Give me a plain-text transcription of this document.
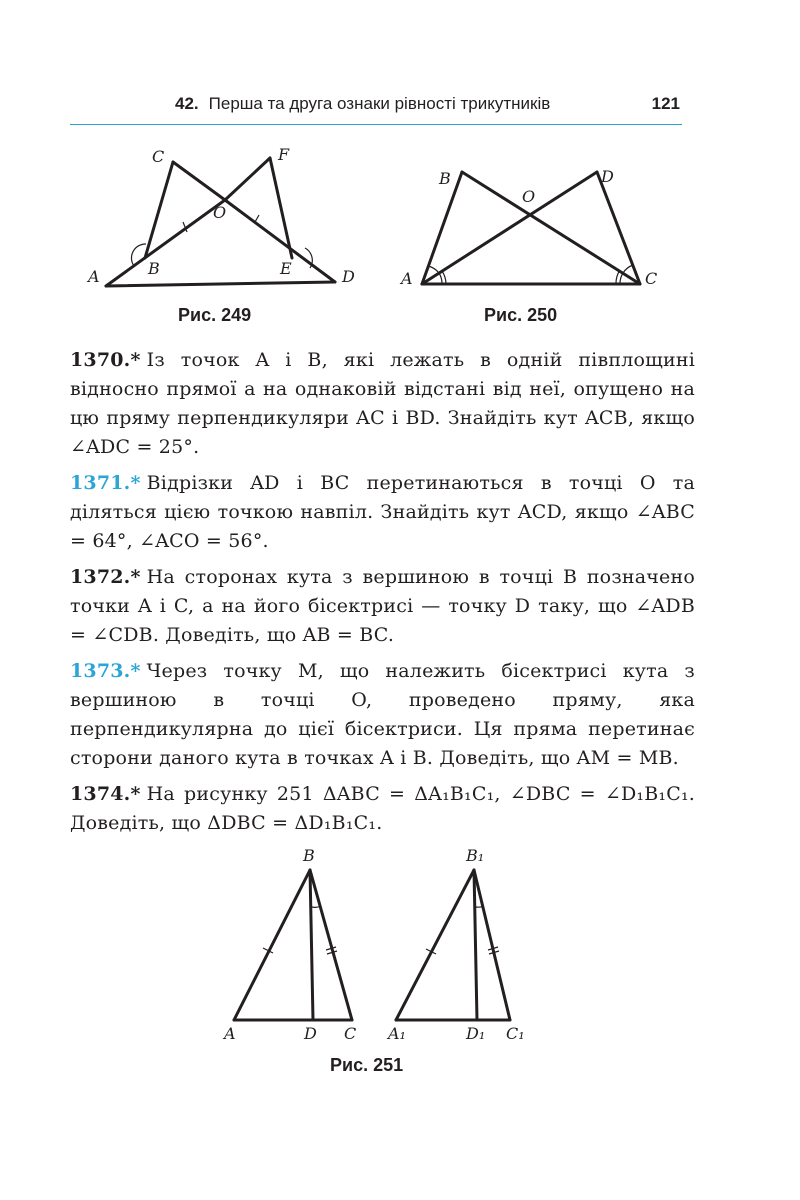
42. Перша та друга ознаки рівності трикутників	121
A	B
C
O
F
E	D
B
O
D
A	C
Рис. 249	Рис. 250
1370.* Із точок A і B, які лежать в одній півплощині відносно прямої a на однаковій відстані від неї, опущено на цю пряму перпендикуляри AC і BD. Знайдіть кут ACB, якщо ∠ADC = 25°.
1371.* Відрізки AD і BC перетинаються в точці O та діляться цією точкою навпіл. Знайдіть кут ACD, якщо ∠ABC = 64°, ∠ACO = 56°.
1372.* На сторонах кута з вершиною в точці B позначено точки A і C, а на його бісектрисі — точку D таку, що ∠ADB = ∠CDB. Доведіть, що AB = BC.
1373.* Через точку M, що належить бісектрисі кута з вершиною в точці O, проведено пряму, яка перпендикулярна до цієї бісектриси. Ця пряма перетинає сторони даного кута в точках A і B. Доведіть, що AM = MB.
1374.* На рисунку 251 ΔABC = ΔA₁B₁C₁, ∠DBC = ∠D₁B₁C₁. Доведіть, що ΔDBC = ΔD₁B₁C₁.
B
A	D C
B₁
A₁	D₁ C₁
Рис. 251
